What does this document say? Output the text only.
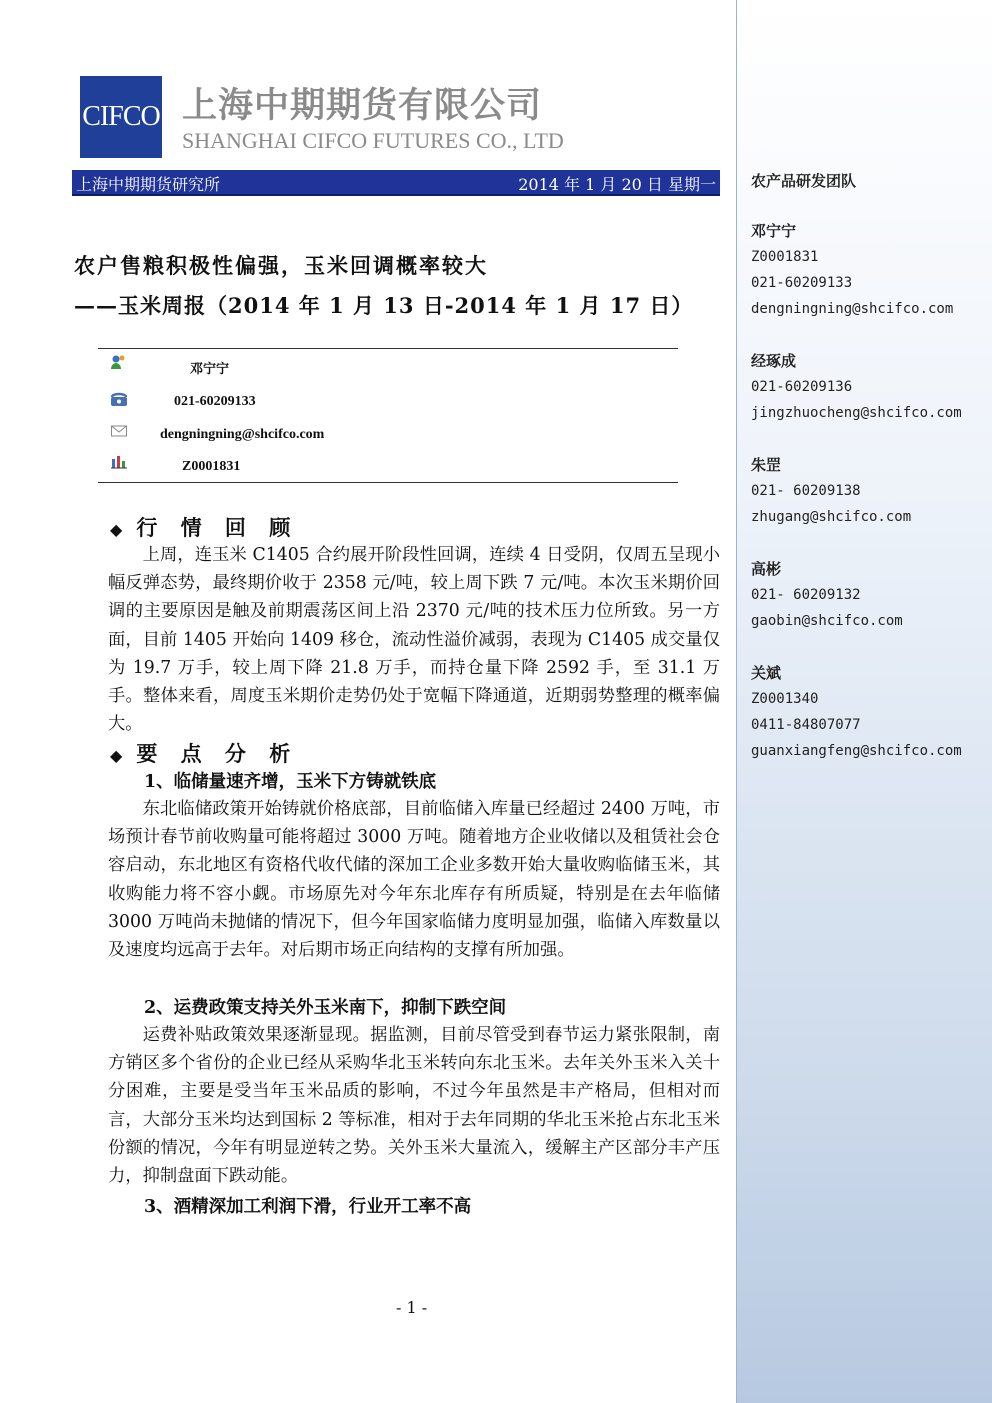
CIFCO 上海中期期货有限公司
SHANGHAI CIFCO FUTURES CO., LTD
上海中期期货研究所	2014 年 1 月 20 日 星期一
农户售粮积极性偏强，玉米回调概率较大
——玉米周报（2014 年 1 月 13 日-2014 年 1 月 17 日）
邓宁宁
021-60209133
dengningning@shcifco.com
Z0001831
◆ 行 情 回 顾

上周，连玉米 C1405 合约展开阶段性回调，连续 4 日受阴，仅周五呈现小幅反弹态势，最终期价收于 2358 元/吨，较上周下跌 7 元/吨。本次玉米期价回调的主要原因是触及前期震荡区间上沿 2370 元/吨的技术压力位所致。另一方面，目前 1405 开始向 1409 移仓，流动性溢价减弱，表现为 C1405 成交量仅为 19.7 万手，较上周下降 21.8 万手，而持仓量下降 2592 手，至 31.1 万手。整体来看，周度玉米期价走势仍处于宽幅下降通道，近期弱势整理的概率偏大。

◆ 要 点 分 析
1、临储量速齐增，玉米下方铸就铁底

东北临储政策开始铸就价格底部，目前临储入库量已经超过 2400 万吨，市场预计春节前收购量可能将超过 3000 万吨。随着地方企业收储以及租赁社会仓容启动，东北地区有资格代收代储的深加工企业多数开始大量收购临储玉米，其收购能力将不容小觑。市场原先对今年东北库存有所质疑，特别是在去年临储 3000 万吨尚未抛储的情况下，但今年国家临储力度明显加强，临储入库数量以及速度均远高于去年。对后期市场正向结构的支撑有所加强。

2、运费政策支持关外玉米南下，抑制下跌空间

运费补贴政策效果逐渐显现。据监测，目前尽管受到春节运力紧张限制，南方销区多个省份的企业已经从采购华北玉米转向东北玉米。去年关外玉米入关十分困难，主要是受当年玉米品质的影响，不过今年虽然是丰产格局，但相对而言，大部分玉米均达到国标 2 等标准，相对于去年同期的华北玉米抢占东北玉米份额的情况，今年有明显逆转之势。关外玉米大量流入，缓解主产区部分丰产压力，抑制盘面下跌动能。

3、酒精深加工利润下滑，行业开工率不高
- 1 -
农产品研发团队
邓宁宁
Z0001831
021-60209133
dengningning@shcifco.com
经琢成
021-60209136
jingzhuocheng@shcifco.com
朱罡
021- 60209138
zhugang@shcifco.com
高彬
021- 60209132
gaobin@shcifco.com
关斌
Z0001340
0411-84807077
guanxiangfeng@shcifco.com
